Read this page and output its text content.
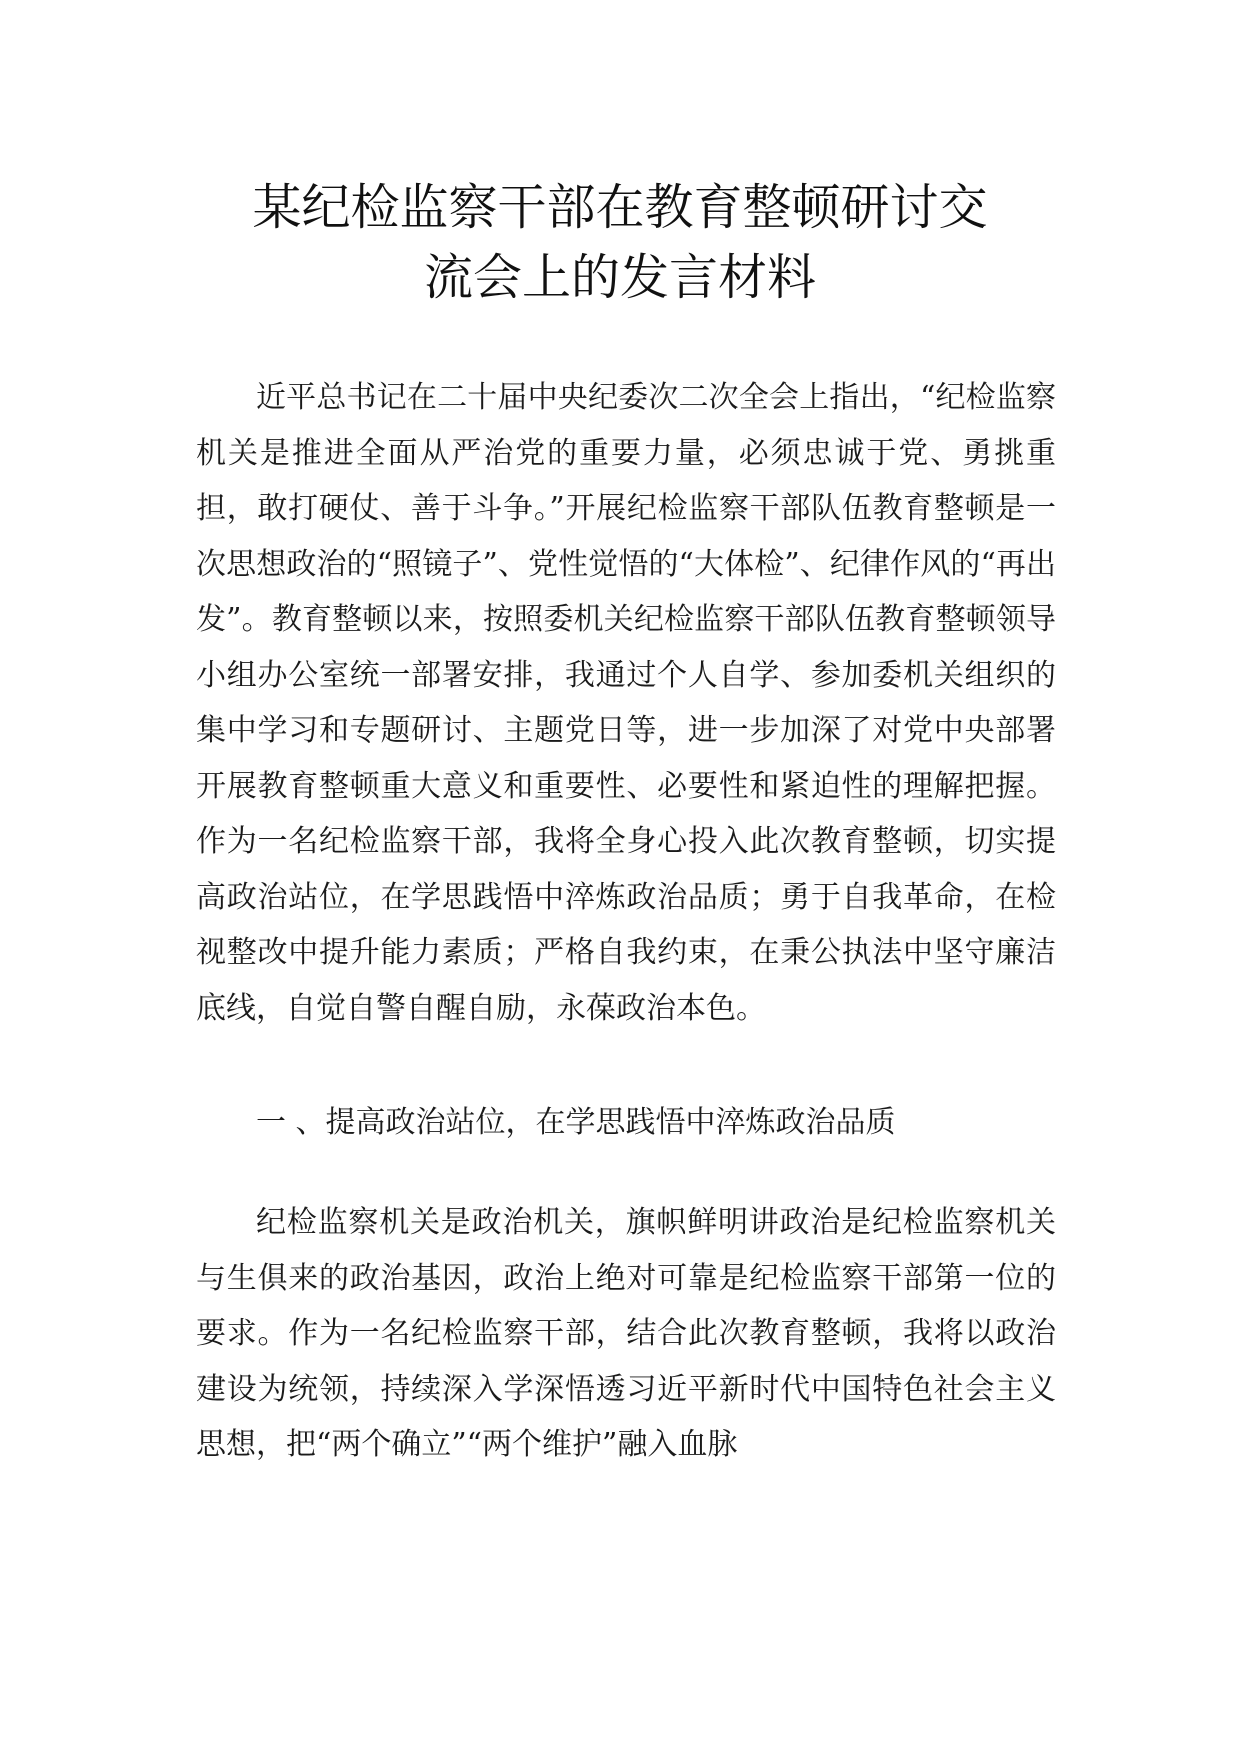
某纪检监察干部在教育整顿研讨交
流会上的发言材料

近平总书记在二十届中央纪委次二次全会上指出，“纪检监察机关是推进全面从严治党的重要力量，必须忠诚于党、勇挑重担，敢打硬仗、善于斗争。”开展纪检监察干部队伍教育整顿是一次思想政治的“照镜子”、党性觉悟的“大体检”、纪律作风的“再出发”。教育整顿以来，按照委机关纪检监察干部队伍教育整顿领导小组办公室统一部署安排，我通过个人自学、参加委机关组织的集中学习和专题研讨、主题党日等，进一步加深了对党中央部署开展教育整顿重大意义和重要性、必要性和紧迫性的理解把握。作为一名纪检监察干部，我将全身心投入此次教育整顿，切实提高政治站位，在学思践悟中淬炼政治品质；勇于自我革命，在检视整改中提升能力素质；严格自我约束，在秉公执法中坚守廉洁底线，自觉自警自醒自励，永葆政治本色。

一 、提高政治站位，在学思践悟中淬炼政治品质

纪检监察机关是政治机关，旗帜鲜明讲政治是纪检监察机关与生俱来的政治基因，政治上绝对可靠是纪检监察干部第一位的要求。作为一名纪检监察干部，结合此次教育整顿，我将以政治建设为统领，持续深入学深悟透习近平新时代中国特色社会主义思想，把“两个确立”“两个维护”融入血脉
